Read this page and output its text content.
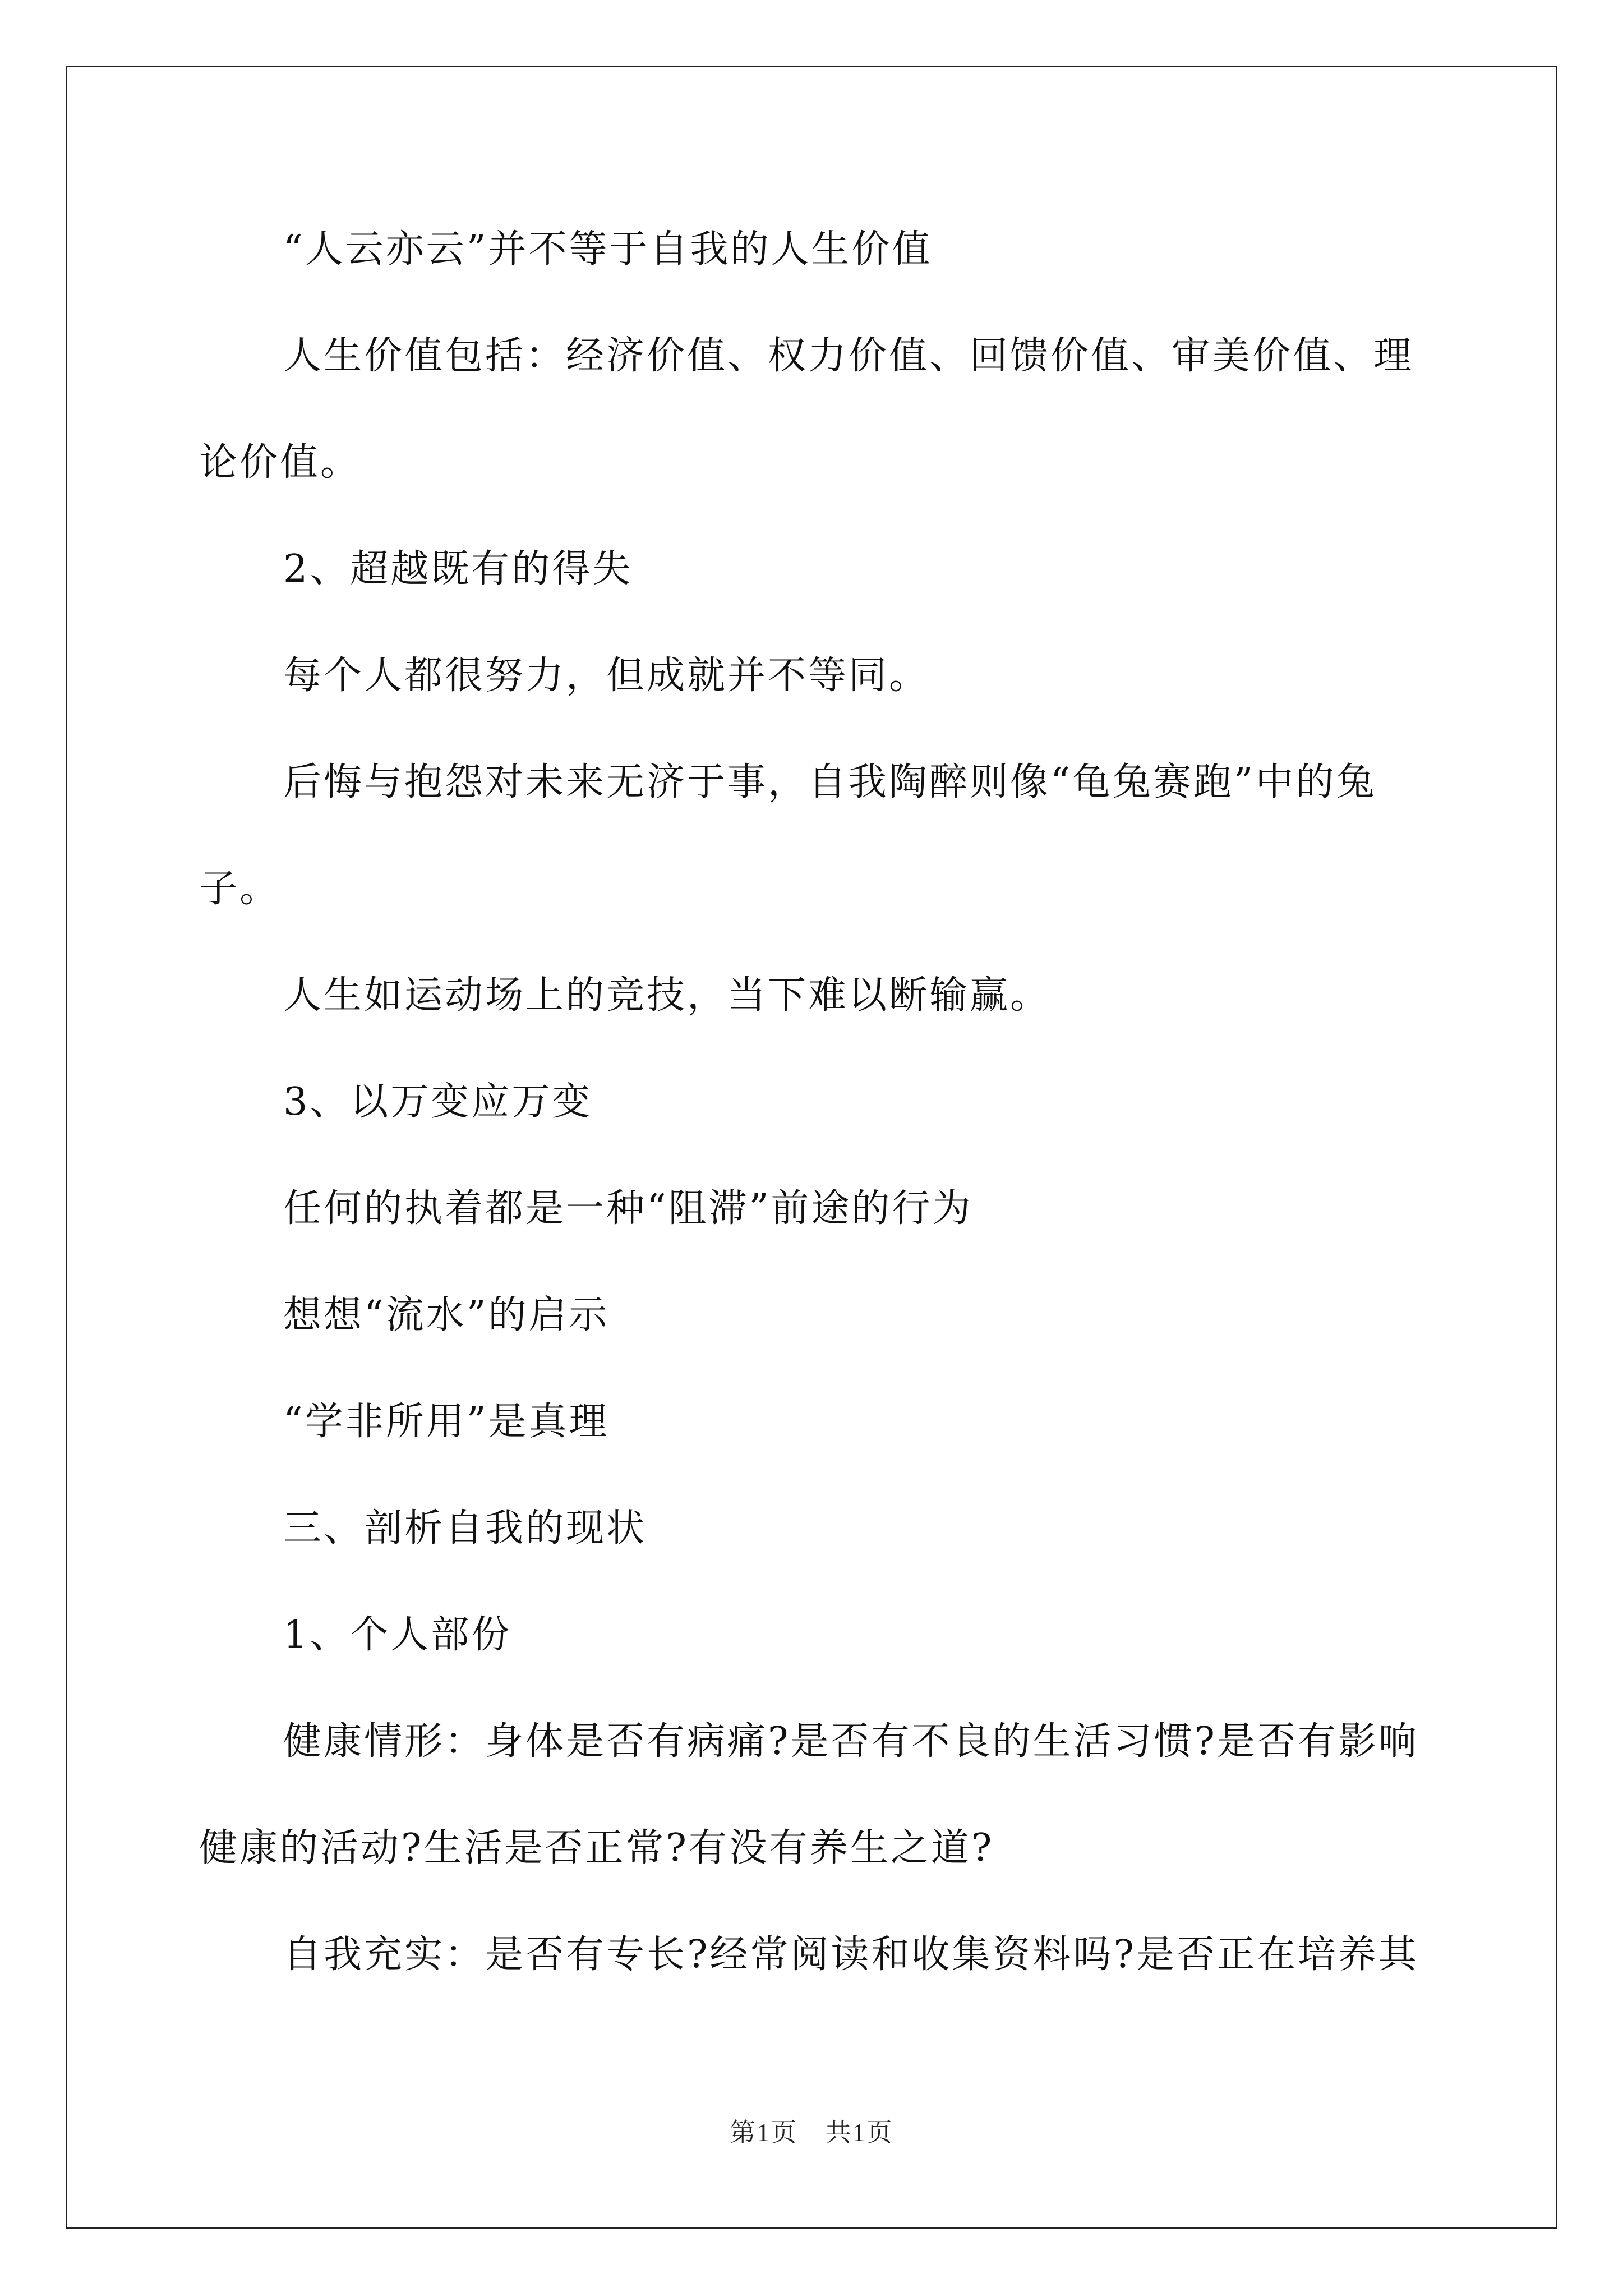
“人云亦云”并不等于自我的人生价值

人生价值包括：经济价值、权力价值、回馈价值、审美价值、理

论价值。

2、超越既有的得失

每个人都很努力，但成就并不等同。

后悔与抱怨对未来无济于事，自我陶醉则像“龟兔赛跑”中的兔

子。

人生如运动场上的竞技，当下难以断输赢。

3、以万变应万变

任何的执着都是一种“阻滞”前途的行为

想想“流水”的启示

“学非所用”是真理

三、剖析自我的现状

1、个人部份

健康情形：身体是否有病痛?是否有不良的生活习惯?是否有影响

健康的活动?生活是否正常?有没有养生之道?

自我充实：是否有专长?经常阅读和收集资料吗?是否正在培养其

第1页 共1页
